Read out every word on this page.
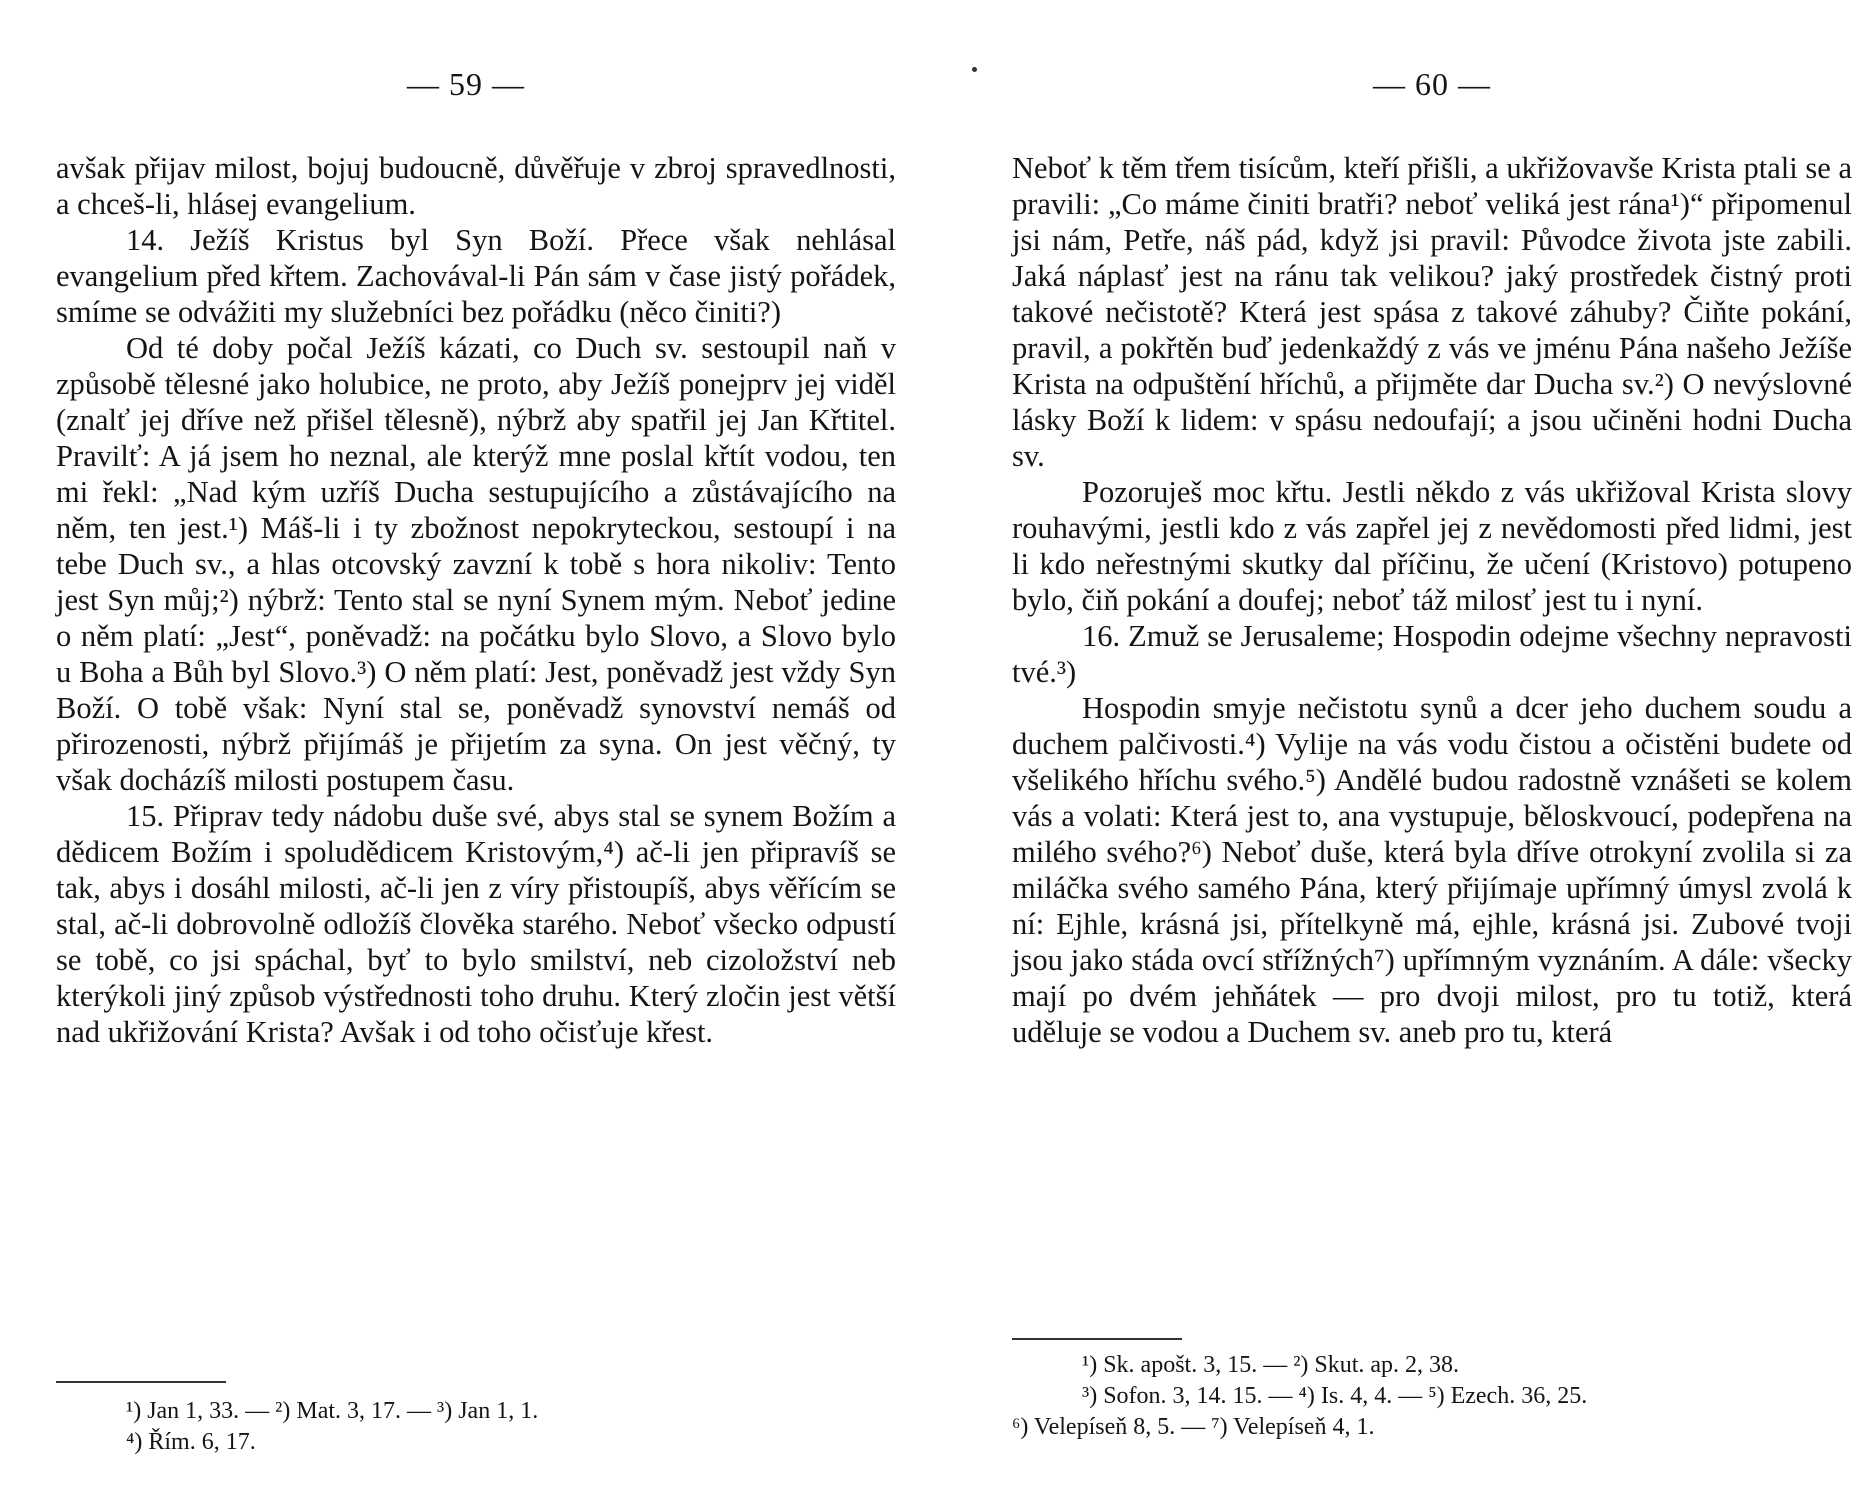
— 59 —

avšak přijav milost, bojuj budoucně, důvěřuje v zbroj spravedlnosti, a chceš-li, hlásej evangelium.

14. Ježíš Kristus byl Syn Boží. Přece však nehlásal evangelium před křtem. Zachovával-li Pán sám v čase jistý pořádek, smíme se odvážiti my služebníci bez pořádku (něco činiti?)

Od té doby počal Ježíš kázati, co Duch sv. sestoupil naň v způsobě tělesné jako holubice, ne proto, aby Ježíš ponejprv jej viděl (znalť jej dříve než přišel tělesně), nýbrž aby spatřil jej Jan Křtitel. Pravilť: A já jsem ho neznal, ale kterýž mne poslal křtít vodou, ten mi řekl: „Nad kým uzříš Ducha sestupujícího a zůstávajícího na něm, ten jest.¹) Máš-li i ty zbožnost nepokryteckou, sestoupí i na tebe Duch sv., a hlas otcovský zavzní k tobě s hora nikoliv: Tento jest Syn můj;²) nýbrž: Tento stal se nyní Synem mým. Neboť jedine o něm platí: „Jest“, poněvadž: na počátku bylo Slovo, a Slovo bylo u Boha a Bůh byl Slovo.³) O něm platí: Jest, poněvadž jest vždy Syn Boží. O tobě však: Nyní stal se, poněvadž synovství nemáš od přirozenosti, nýbrž přijímáš je přijetím za syna. On jest věčný, ty však docházíš milosti postupem času.

15. Připrav tedy nádobu duše své, abys stal se synem Božím a dědicem Božím i spoludědicem Kristovým,⁴) ač-li jen připravíš se tak, abys i dosáhl milosti, ač-li jen z víry přistoupíš, abys věřícím se stal, ač-li dobrovolně odložíš člověka starého. Neboť všecko odpustí se tobě, co jsi spáchal, byť to bylo smilství, neb cizoložství neb kterýkoli jiný způsob výstřednosti toho druhu. Který zločin jest větší nad ukřižování Krista? Avšak i od toho očisťuje křest.

¹) Jan 1, 33. — ²) Mat. 3, 17. — ³) Jan 1, 1.
⁴) Řím. 6, 17.
— 60 —

Neboť k těm třem tisícům, kteří přišli, a ukřižovavše Krista ptali se a pravili: „Co máme činiti bratři? neboť veliká jest rána¹)“ připomenul jsi nám, Petře, náš pád, když jsi pravil: Původce života jste zabili. Jaká náplasť jest na ránu tak velikou? jaký prostředek čistný proti takové nečistotě? Která jest spása z takové záhuby? Čiňte pokání, pravil, a pokřtěn buď jedenkaždý z vás ve jménu Pána našeho Ježíše Krista na odpuštění hříchů, a přijměte dar Ducha sv.²) O nevýslovné lásky Boží k lidem: v spásu nedoufají; a jsou učiněni hodni Ducha sv.

Pozoruješ moc křtu. Jestli někdo z vás ukřižoval Krista slovy rouhavými, jestli kdo z vás zapřel jej z nevědomosti před lidmi, jest li kdo neřestnými skutky dal příčinu, že učení (Kristovo) potupeno bylo, čiň pokání a doufej; neboť táž milosť jest tu i nyní.

16. Zmuž se Jerusaleme; Hospodin odejme všechny nepravosti tvé.³)

Hospodin smyje nečistotu synů a dcer jeho duchem soudu a duchem palčivosti.⁴) Vylije na vás vodu čistou a očistěni budete od všelikého hříchu svého.⁵) Andělé budou radostně vznášeti se kolem vás a volati: Která jest to, ana vystupuje, běloskvoucí, podepřena na milého svého?⁶) Neboť duše, která byla dříve otrokyní zvolila si za miláčka svého samého Pána, který přijímaje upřímný úmysl zvolá k ní: Ejhle, krásná jsi, přítelkyně má, ejhle, krásná jsi. Zubové tvoji jsou jako stáda ovcí střížných⁷) upřímným vyznáním. A dále: všecky mají po dvém jehňátek — pro dvoji milost, pro tu totiž, která uděluje se vodou a Duchem sv. aneb pro tu, která

¹) Sk. apošt. 3, 15. — ²) Skut. ap. 2, 38.
³) Sofon. 3, 14. 15. — ⁴) Is. 4, 4. — ⁵) Ezech. 36, 25.
⁶) Velepíseň 8, 5. — ⁷) Velepíseň 4, 1.
